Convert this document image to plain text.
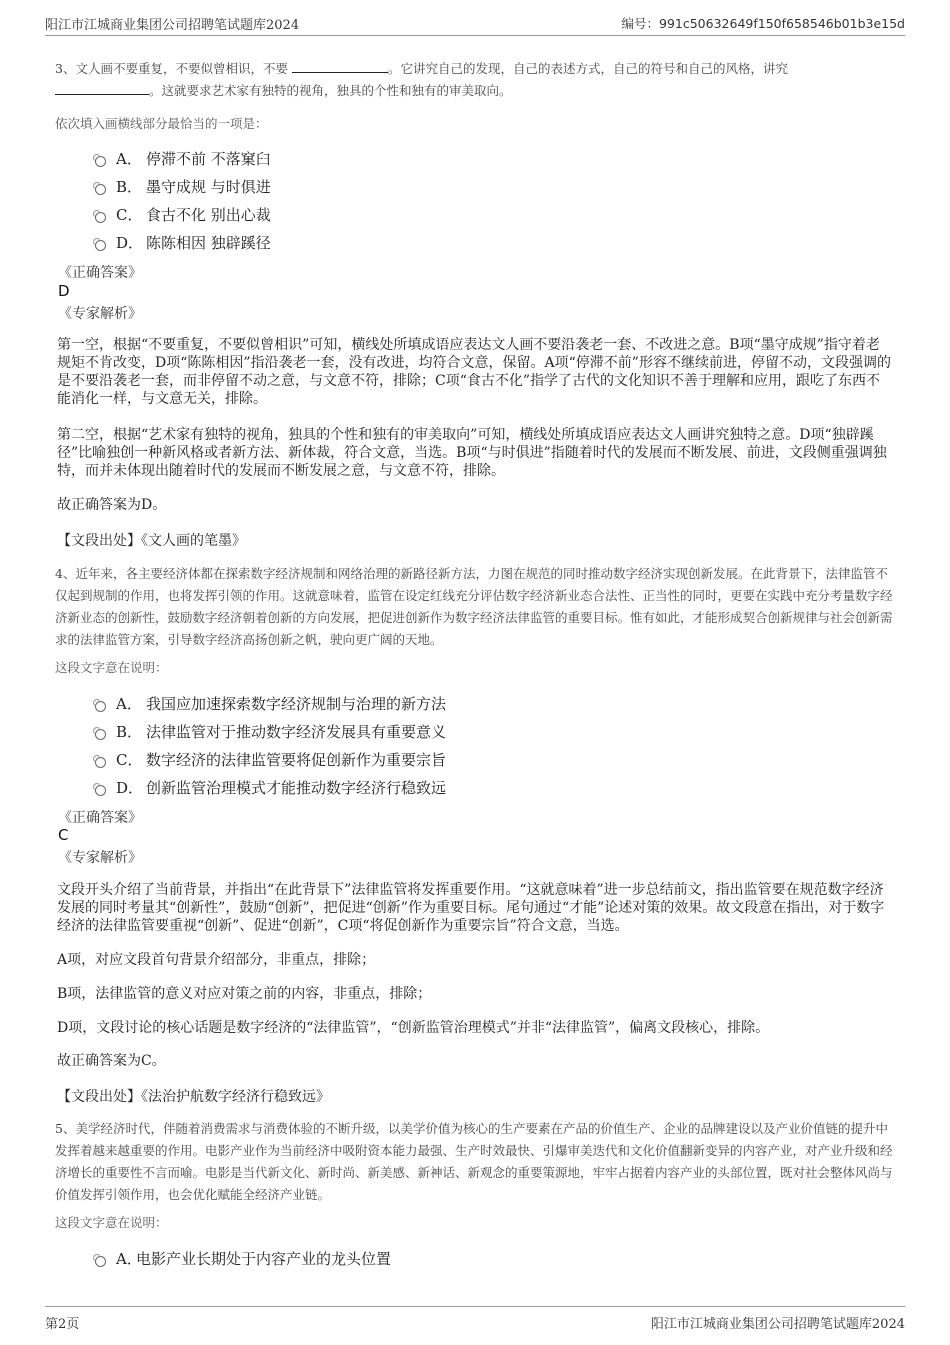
阳江市江城商业集团公司招聘笔试题库2024	编号：991c50632649f150f658546b01b3e15d
3、文人画不要重复，不要似曾相识，不要	。它讲究自己的发现，自己的表述方式，自己的符号和自己的风格，讲究
。这就要求艺术家有独特的视角，独具的个性和独有的审美取向。
依次填入画横线部分最恰当的一项是：
A． 停滞不前 不落窠臼
B． 墨守成规 与时俱进
C． 食古不化 别出心裁
D． 陈陈相因 独辟蹊径
《正确答案》
D
《专家解析》
第一空，根据“不要重复，不要似曾相识”可知，横线处所填成语应表达文人画不要沿袭老一套、不改进之意。B项“墨守成规”指守着老规矩不肯改变，D项“陈陈相因”指沿袭老一套，没有改进，均符合文意，保留。A项“停滞不前”形容不继续前进，停留不动，文段强调的是不要沿袭老一套，而非停留不动之意，与文意不符，排除；C项“食古不化”指学了古代的文化知识不善于理解和应用，跟吃了东西不能消化一样，与文意无关，排除。
第二空，根据“艺术家有独特的视角，独具的个性和独有的审美取向”可知，横线处所填成语应表达文人画讲究独特之意。D项“独辟蹊径”比喻独创一种新风格或者新方法、新体裁，符合文意，当选。B项“与时俱进”指随着时代的发展而不断发展、前进，文段侧重强调独特，而并未体现出随着时代的发展而不断发展之意，与文意不符，排除。
故正确答案为D。
【文段出处】《文人画的笔墨》
4、近年来，各主要经济体都在探索数字经济规制和网络治理的新路径新方法，力图在规范的同时推动数字经济实现创新发展。在此背景下，法律监管不仅起到规制的作用，也将发挥引领的作用。这就意味着，监管在设定红线充分评估数字经济新业态合法性、正当性的同时，更要在实践中充分考量数字经济新业态的创新性，鼓励数字经济朝着创新的方向发展，把促进创新作为数字经济法律监管的重要目标。惟有如此，才能形成契合创新规律与社会创新需求的法律监管方案，引导数字经济高扬创新之帆，驶向更广阔的天地。
这段文字意在说明：
A． 我国应加速探索数字经济规制与治理的新方法
B． 法律监管对于推动数字经济发展具有重要意义
C． 数字经济的法律监管要将促创新作为重要宗旨
D． 创新监管治理模式才能推动数字经济行稳致远
《正确答案》
C
《专家解析》
文段开头介绍了当前背景，并指出“在此背景下”法律监管将发挥重要作用。“这就意味着”进一步总结前文，指出监管要在规范数字经济发展的同时考量其“创新性”，鼓励“创新”，把促进“创新”作为重要目标。尾句通过“才能”论述对策的效果。故文段意在指出，对于数字经济的法律监管要重视“创新”、促进“创新”，C项“将促创新作为重要宗旨”符合文意，当选。
A项，对应文段首句背景介绍部分，非重点，排除；
B项，法律监管的意义对应对策之前的内容，非重点，排除；
D项，文段讨论的核心话题是数字经济的“法律监管”，“创新监管治理模式”并非“法律监管”，偏离文段核心，排除。
故正确答案为C。
【文段出处】《法治护航数字经济行稳致远》
5、美学经济时代，伴随着消费需求与消费体验的不断升级，以美学价值为核心的生产要素在产品的价值生产、企业的品牌建设以及产业价值链的提升中发挥着越来越重要的作用。电影产业作为当前经济中吸附资本能力最强、生产时效最快、引爆审美迭代和文化价值翻新变异的内容产业，对产业升级和经济增长的重要性不言而喻。电影是当代新文化、新时尚、新美感、新神话、新观念的重要策源地，牢牢占据着内容产业的头部位置，既对社会整体风尚与价值发挥引领作用，也会优化赋能全经济产业链。
这段文字意在说明：
A．
电影产业长期处于内容产业的龙头位置
第2页	阳江市江城商业集团公司招聘笔试题库2024
